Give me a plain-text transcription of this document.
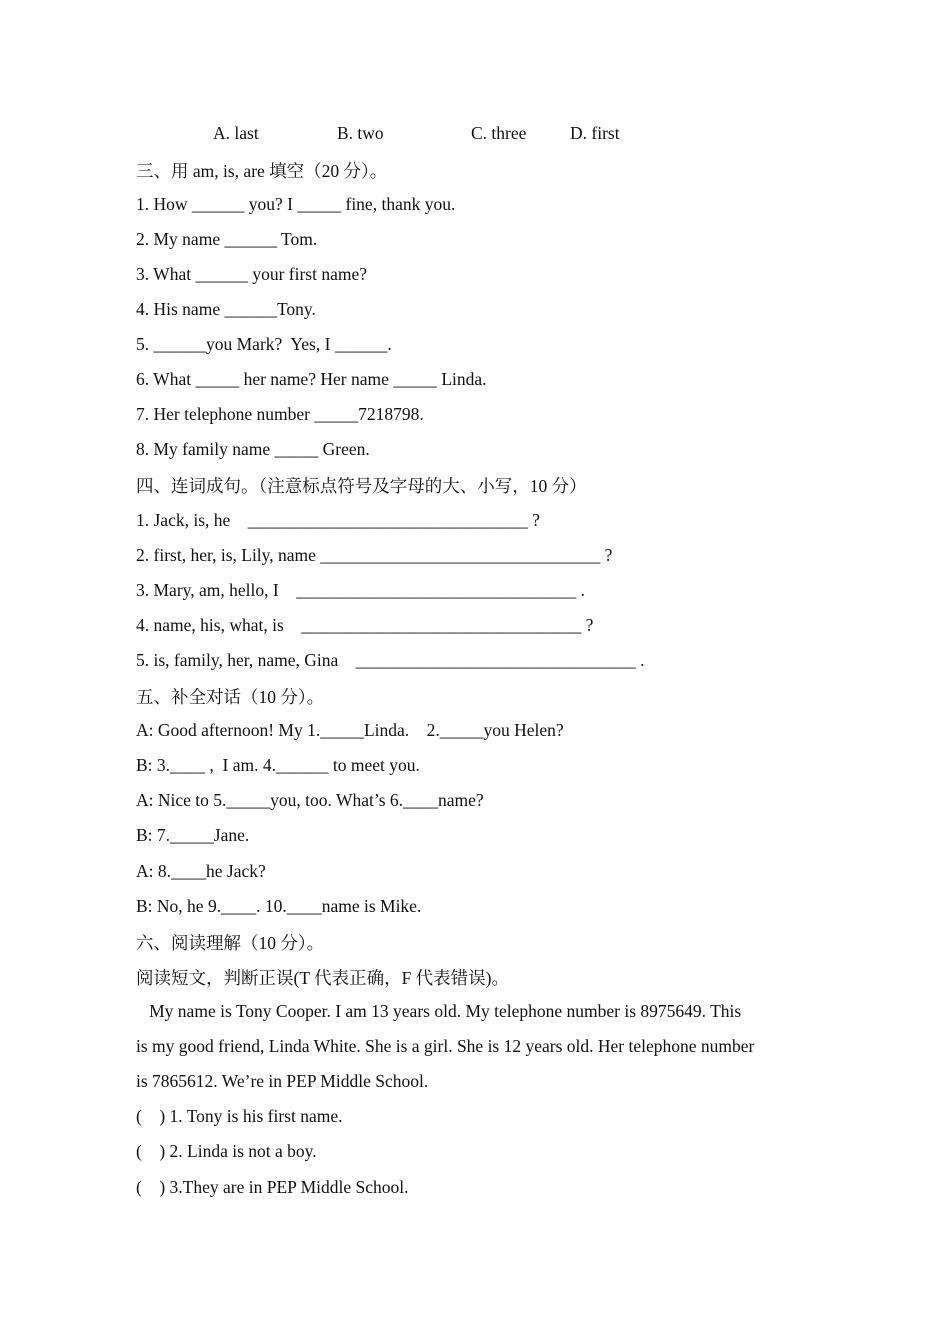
A. last	B. two	C. three D. first
三、用 am, is, are 填空（20 分）。
1. How ______ you? I _____ fine, thank you.
2. My name ______ Tom.
3. What ______ your first name?
4. His name ______Tony.
5. ______you Mark?  Yes, I ______.
6. What _____ her name? Her name _____ Linda.
7. Her telephone number _____7218798.
8. My family name _____ Green.
四、连词成句。（注意标点符号及字母的大、小写，10 分）
1. Jack, is, he    ________________________________ ?
2. first, her, is, Lily, name ________________________________ ?
3. Mary, am, hello, I    ________________________________ .
4. name, his, what, is    ________________________________ ?
5. is, family, her, name, Gina    ________________________________ .
五、补全对话（10 分）。
A: Good afternoon! My 1._____Linda.    2._____you Helen?
B: 3.____ ,  I am. 4.______ to meet you.
A: Nice to 5._____you, too. What’s 6.____name?
B: 7._____Jane.
A: 8.____he Jack?
B: No, he 9.____. 10.____name is Mike.
六、阅读理解（10 分）。
阅读短文，判断正误(T 代表正确，F 代表错误)。
My name is Tony Cooper. I am 13 years old. My telephone number is 8975649. This
is my good friend, Linda White. She is a girl. She is 12 years old. Her telephone number
is 7865612. We’re in PEP Middle School.
(    ) 1. Tony is his first name.
(    ) 2. Linda is not a boy.
(    ) 3.They are in PEP Middle School.
